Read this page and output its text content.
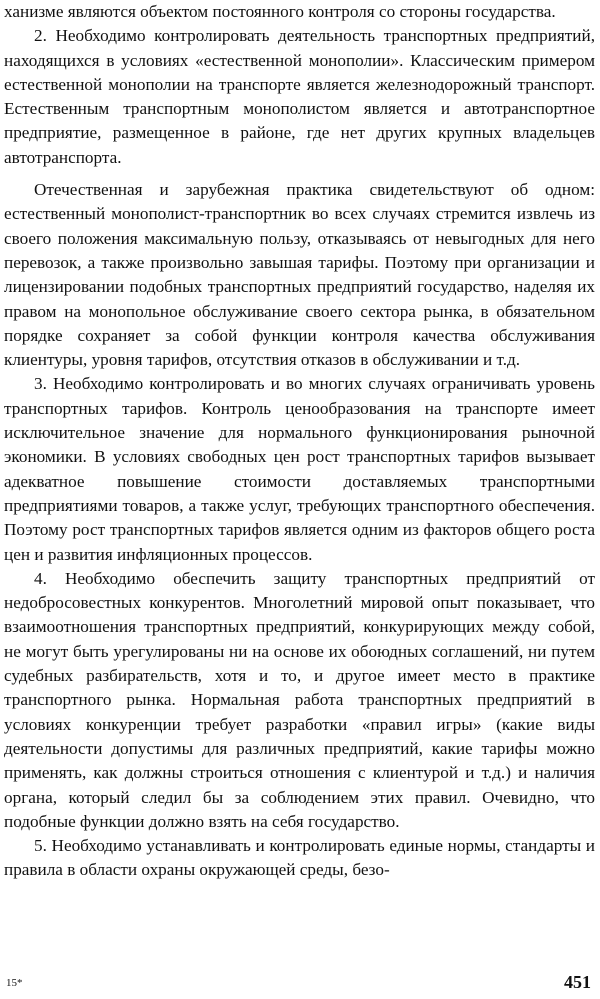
ханизме являются объектом постоянного контроля со стороны государства.

2. Необходимо контролировать деятельность транспортных предприятий, находящихся в условиях «естественной монополии». Классическим примером естественной монополии на транспорте является железнодорожный транспорт. Естественным транспортным монополистом является и автотранспортное предприятие, размещенное в районе, где нет других крупных владельцев автотранспорта.

Отечественная и зарубежная практика свидетельствуют об одном: естественный монополист-транспортник во всех случаях стремится извлечь из своего положения максимальную пользу, отказываясь от невыгодных для него перевозок, а также произвольно завышая тарифы. Поэтому при организации и лицензировании подобных транспортных предприятий государство, наделяя их правом на монопольное обслуживание своего сектора рынка, в обязательном порядке сохраняет за собой функции контроля качества обслуживания клиентуры, уровня тарифов, отсутствия отказов в обслуживании и т.д.

3. Необходимо контролировать и во многих случаях ограничивать уровень транспортных тарифов. Контроль ценообразования на транспорте имеет исключительное значение для нормального функционирования рыночной экономики. В условиях свободных цен рост транспортных тарифов вызывает адекватное повышение стоимости доставляемых транспортными предприятиями товаров, а также услуг, требующих транспортного обеспечения. Поэтому рост транспортных тарифов является одним из факторов общего роста цен и развития инфляционных процессов.

4. Необходимо обеспечить защиту транспортных предприятий от недобросовестных конкурентов. Многолетний мировой опыт показывает, что взаимоотношения транспортных предприятий, конкурирующих между собой, не могут быть урегулированы ни на основе их обоюдных соглашений, ни путем судебных разбирательств, хотя и то, и другое имеет место в практике транспортного рынка. Нормальная работа транспортных предприятий в условиях конкуренции требует разработки «правил игры» (какие виды деятельности допустимы для различных предприятий, какие тарифы можно применять, как должны строиться отношения с клиентурой и т.д.) и наличия органа, который следил бы за соблюдением этих правил. Очевидно, что подобные функции должно взять на себя государство.

5. Необходимо устанавливать и контролировать единые нормы, стандарты и правила в области охраны окружающей среды, безо-

15*	451
